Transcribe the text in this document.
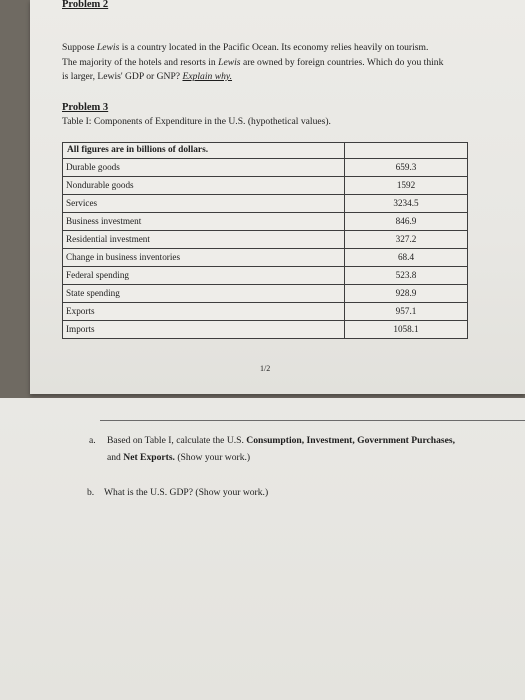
Problem 2
Suppose Lewis is a country located in the Pacific Ocean. Its economy relies heavily on tourism.
The majority of the hotels and resorts in Lewis are owned by foreign countries. Which do you think
is larger, Lewis' GDP or GNP? Explain why.
Problem 3
Table I: Components of Expenditure in the U.S. (hypothetical values).
1/2
All figures are in billions of dollars.	
Durable goods	659.3
Nondurable goods	1592
Services	3234.5
Business investment	846.9
Residential investment	327.2
Change in business inventories	68.4
Federal spending	523.8
State spending	928.9
Exports	957.1
Imports	1058.1
a. Based on Table I, calculate the U.S. Consumption, Investment, Government Purchases,
and Net Exports. (Show your work.)
b. What is the U.S. GDP? (Show your work.)
